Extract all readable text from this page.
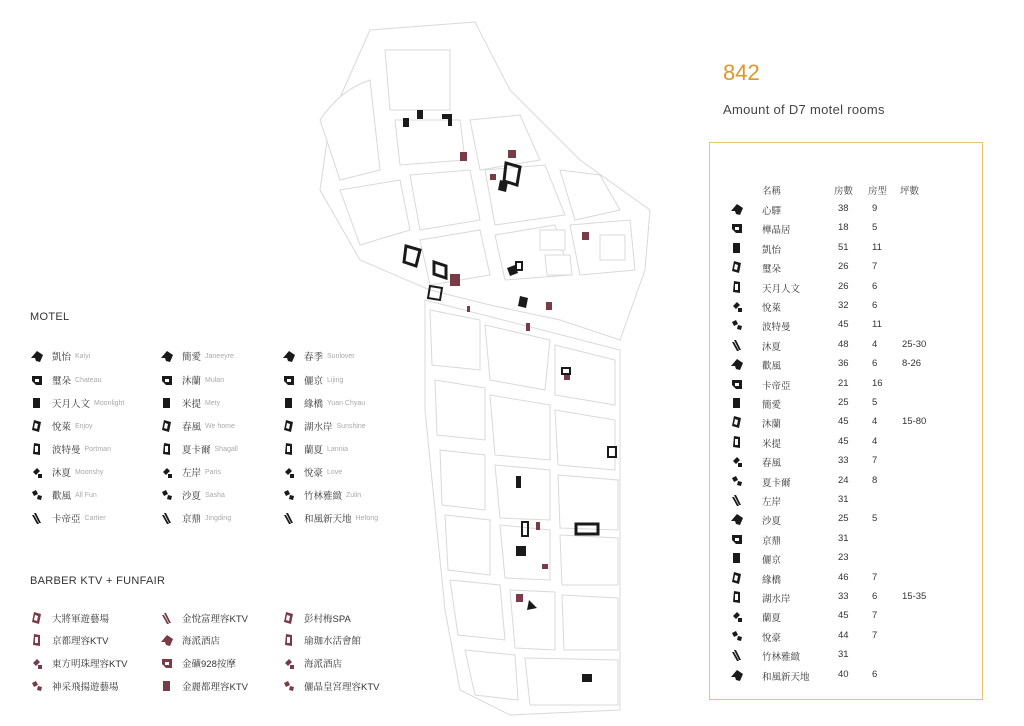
842
Amount of D7 motel rooms
MOTEL
凱怡 Kaiyi
璽朵 Chateau
天月人文 Moonlight
悅萊 Enjoy
波特曼 Portman
沐夏 Moonshy
歡風 All Fun
卡帝亞 Cartier
簡愛 Janeeyre
沐蘭 Mulan
米提 Mety
春風 We home
夏卡爾 Shagall
左岸 Paris
沙夏 Sasha
京鼎 Jingding
春季 Sunlover
儷京 Lijing
緣橋 Yuan Chyau
湖水岸 Sunshine
蘭夏 Lannia
悅豪 Love
竹林雅緻 Zulin
和風新天地 Hefong
BARBER KTV + FUNFAIR
大將軍遊藝場
京都理容KTV
東方明珠理容KTV
神采飛揚遊藝場
金悅富理容KTV
海派酒店
金礦928按摩
金麗都理容KTV
彭村梅SPA
瑜珈水活會館
海派酒店
儷晶皇宮理容KTV
名稱	房數 房型 坪數
心驛	38 9
樺晶居	18 5
凱怡	51 11
璽朵	26 7
天月人文	26 6
悅萊	32 6
波特曼	45 11
沐夏	48 4	25-30
歡風	36 6	8-26
卡帝亞	21 16
簡愛	25 5
沐蘭	45 4	15-80
米提	45 4
春風	33 7
夏卡爾	24 8
左岸	31
沙夏	25 5
京鼎	31
儷京	23
緣橋	46 7
湖水岸	33 6	15-35
蘭夏	45 7
悅豪	44 7
竹林雅緻	31
和風新天地	40 6
